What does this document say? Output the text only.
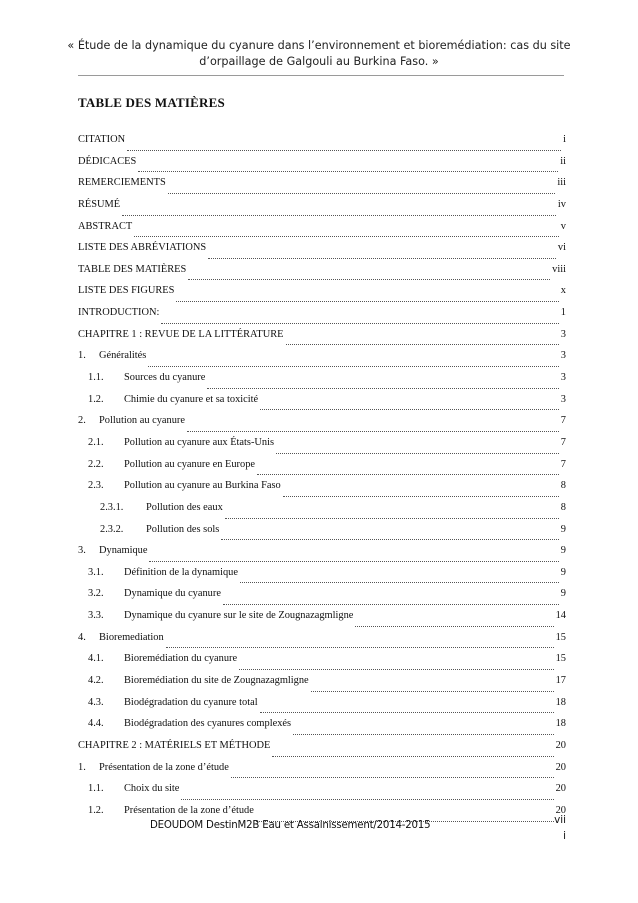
« Étude de la dynamique du cyanure dans l’environnement et bioremédiation: cas du site
d’orpaillage de Galgouli au Burkina Faso. »
TABLE DES MATIÈRES
CITATION	i
DÉDICACES	ii
REMERCIEMENTS	iii
RÉSUMÉ	iv
ABSTRACT	v
LISTE DES ABRÉVIATIONS	vi
TABLE DES MATIÈRES	viii
LISTE DES FIGURES	x
INTRODUCTION:	1
CHAPITRE 1 : REVUE DE LA LITTÉRATURE	3
1.	Généralités	3
1.1.	Sources du cyanure	3
1.2.	Chimie du cyanure et sa toxicité	3
2.	Pollution au cyanure	7
2.1.	Pollution au cyanure aux États-Unis	7
2.2.	Pollution au cyanure en Europe	7
2.3.	Pollution au cyanure au Burkina Faso	8
2.3.1.	Pollution des eaux	8
2.3.2.	Pollution des sols	9
3.	Dynamique	9
3.1.	Définition de la dynamique	9
3.2.	Dynamique du cyanure	9
3.3.	Dynamique du cyanure sur le site de Zougnazagmligne	14
4.	Bioremediation	15
4.1.	Bioremédiation du cyanure	15
4.2.	Bioremédiation du site de Zougnazagmligne	17
4.3.	Biodégradation du cyanure total	18
4.4.	Biodégradation des cyanures complexés	18
CHAPITRE 2 : MATÉRIELS ET MÉTHODE	20
1.	Présentation de la zone d’étude	20
1.1.	Choix du site	20
1.2.	Présentation de la zone d’étude	20
DEOUDOM DestinM2B Eau et Assainissement/2014-2015	vii
i
